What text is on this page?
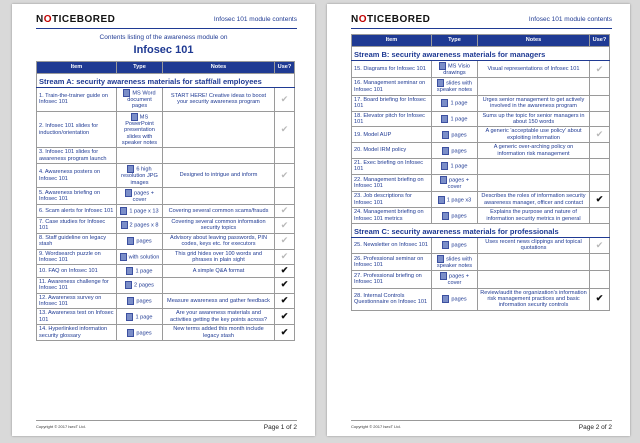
NOTICEBORED	Infosec 101 module contents
Contents listing of the awareness module on
Infosec 101
Item	Type	Notes	Use?
Stream A: security awareness materials for staff/all employees			
1. Train-the-trainer guide on Infosec 101	MS Word document pages	START HERE! Creative ideas to boost your security awareness program	✔
2. Infosec 101 slides for induction/orientation	MS PowerPoint presentation slides with speaker notes		✔
3. Infosec 101 slides for awareness program launch			
4. Awareness posters on Infosec 101	6 high resolution JPG images	Designed to intrigue and inform	✔
5. Awareness briefing on Infosec 101	pages + cover		
6. Scam alerts for Infosec 101	1 page x 13	Covering several common scams/frauds	✔
7. Case studies for Infosec 101	2 pages x 8	Covering several common information security topics	✔
8. Staff guideline on legacy stash	pages	Advisory about leaving passwords, PIN codes, keys etc. for executors	✔
9. Wordsearch puzzle on Infosec 101	with solution	This grid hides over 100 words and phrases in plain sight	✔
10. FAQ on Infosec 101	1 page	A simple Q&A format	✔
11. Awareness challenge for Infosec 101	2 pages		✔
12. Awareness survey on Infosec 101	pages	Measure awareness and gather feedback	✔
13. Awareness test on Infosec 101	1 page	Are your awareness materials and activities getting the key points across?	✔
14. Hyperlinked information security glossary	pages	New terms added this month include legacy stash	✔
Copyright © 2017 IsecT Ltd.	Page 1 of 2
NOTICEBORED	Infosec 101 module contents
Item	Type	Notes	Use?
Stream B: security awareness materials for managers			
15. Diagrams for Infosec 101	MS Visio drawings	Visual representations of Infosec 101	✔
16. Management seminar on Infosec 101	slides with speaker notes		
17. Board briefing for Infosec 101	1 page	Urges senior management to get actively involved in the awareness program	
18. Elevator pitch for Infosec 101	1 page	Sums up the topic for senior managers in about 150 words	
19. Model AUP	pages	A generic 'acceptable use policy' about exploiting information	✔
20. Model IRM policy	pages	A generic over-arching policy on information risk management	
21. Exec briefing on Infosec 101	1 page		
22. Management briefing on Infosec 101	pages + cover		
23. Job descriptions for Infosec 101	1 page x3	Describes the roles of information security awareness manager, officer and contact	✔
24. Management briefing on Infosec 101 metrics	pages	Explains the purpose and nature of information security metrics in general	
Stream C: security awareness materials for professionals			
25. Newsletter on Infosec 101	pages	Uses recent news clippings and topical quotations	✔
26. Professional seminar on Infosec 101	slides with speaker notes		
27. Professional briefing on Infosec 101	pages + cover		
28. Internal Controls Questionnaire on Infosec 101	pages	Review/audit the organization's information risk management practices and basic information security controls	✔
Copyright © 2017 IsecT Ltd.	Page 2 of 2
